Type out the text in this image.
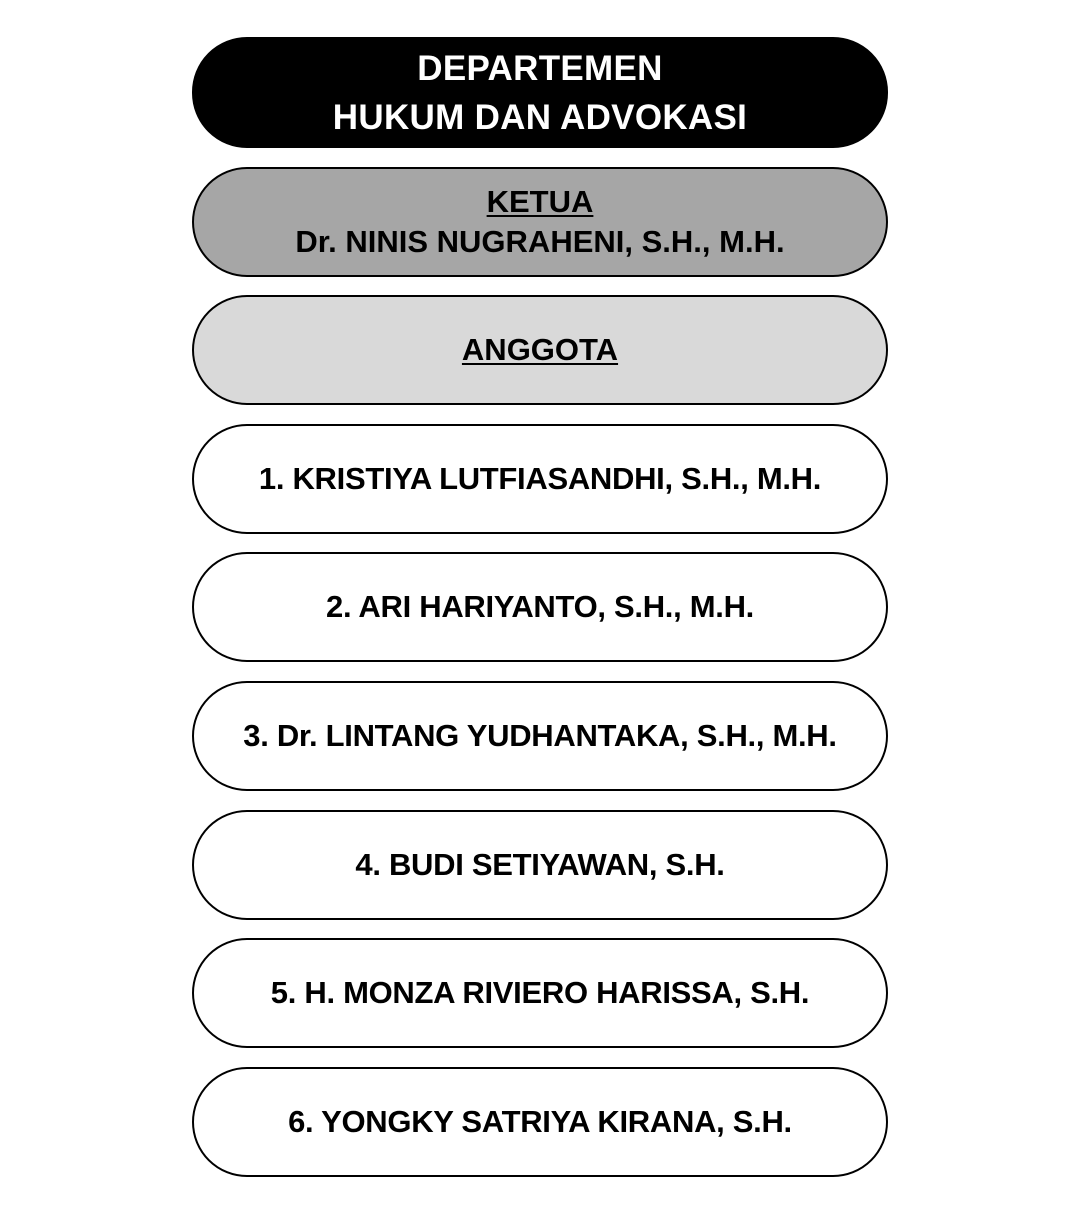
DEPARTEMEN
HUKUM DAN ADVOKASI
KETUA
Dr. NINIS NUGRAHENI, S.H., M.H.
ANGGOTA
1. KRISTIYA LUTFIASANDHI, S.H., M.H.
2. ARI HARIYANTO, S.H., M.H.
3. Dr. LINTANG YUDHANTAKA, S.H., M.H.
4. BUDI SETIYAWAN, S.H.
5. H. MONZA RIVIERO HARISSA, S.H.
6. YONGKY SATRIYA KIRANA, S.H.
